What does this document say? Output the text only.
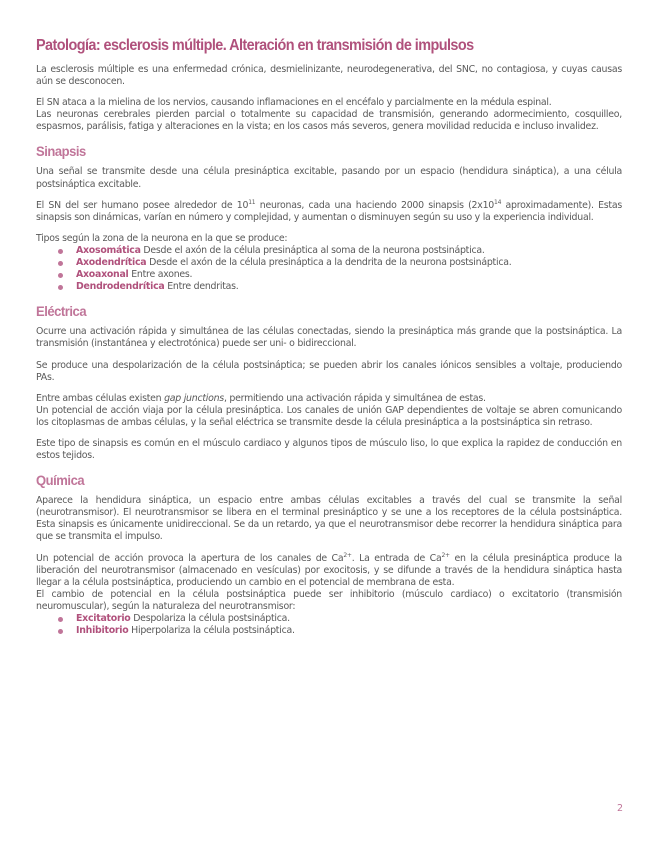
Patología: esclerosis múltiple. Alteración en transmisión de impulsos

La esclerosis múltiple es una enfermedad crónica, desmielinizante, neurodegenerativa, del SNC, no contagiosa, y cuyas causas aún se desconocen.

El SN ataca a la mielina de los nervios, causando inflamaciones en el encéfalo y parcialmente en la médula espinal.

Las neuronas cerebrales pierden parcial o totalmente su capacidad de transmisión, generando adormecimiento, cosquilleo, espasmos, parálisis, fatiga y alteraciones en la vista; en los casos más severos, genera movilidad reducida e incluso invalidez.

Sinapsis

Una señal se transmite desde una célula presináptica excitable, pasando por un espacio (hendidura sináptica), a una célula postsináptica excitable.

El SN del ser humano posee alrededor de $10^{11}$ neuronas, cada una haciendo 2000 sinapsis ($2x10^{14}$ aproximadamente). Estas sinapsis son dinámicas, varían en número y complejidad, y aumentan o disminuyen según su uso y la experiencia individual.

Tipos según la zona de la neurona en la que se produce:

Axosomática Desde el axón de la célula presináptica al soma de la neurona postsináptica.
Axodendrítica Desde el axón de la célula presináptica a la dendrita de la neurona postsináptica.
Axoaxonal Entre axones.
Dendrodendrítica Entre dendritas.
Eléctrica

Ocurre una activación rápida y simultánea de las células conectadas, siendo la presináptica más grande que la postsináptica. La transmisión (instantánea y electrotónica) puede ser uni- o bidireccional.

Se produce una despolarización de la célula postsináptica; se pueden abrir los canales iónicos sensibles a voltaje, produciendo PAs.

Entre ambas células existen gap junctions, permitiendo una activación rápida y simultánea de estas.

Un potencial de acción viaja por la célula presináptica. Los canales de unión GAP dependientes de voltaje se abren comunicando los citoplasmas de ambas células, y la señal eléctrica se transmite desde la célula presináptica a la postsináptica sin retraso.

Este tipo de sinapsis es común en el músculo cardiaco y algunos tipos de músculo liso, lo que explica la rapidez de conducción en estos tejidos.

Química

Aparece la hendidura sináptica, un espacio entre ambas células excitables a través del cual se transmite la señal (neurotransmisor). El neurotransmisor se libera en el terminal presináptico y se une a los receptores de la célula postsináptica. Esta sinapsis es únicamente unidireccional. Se da un retardo, ya que el neurotransmisor debe recorrer la hendidura sináptica para que se transmita el impulso.

Un potencial de acción provoca la apertura de los canales de $Ca^{2+}$. La entrada de $Ca^{2+}$ en la célula presináptica produce la liberación del neurotransmisor (almacenado en vesículas) por exocitosis, y se difunde a través de la hendidura sináptica hasta llegar a la célula postsináptica, produciendo un cambio en el potencial de membrana de esta.

El cambio de potencial en la célula postsináptica puede ser inhibitorio (músculo cardiaco) o excitatorio (transmisión neuromuscular), según la naturaleza del neurotransmisor:

Excitatorio Despolariza la célula postsináptica.
Inhibitorio Hiperpolariza la célula postsináptica.
2
